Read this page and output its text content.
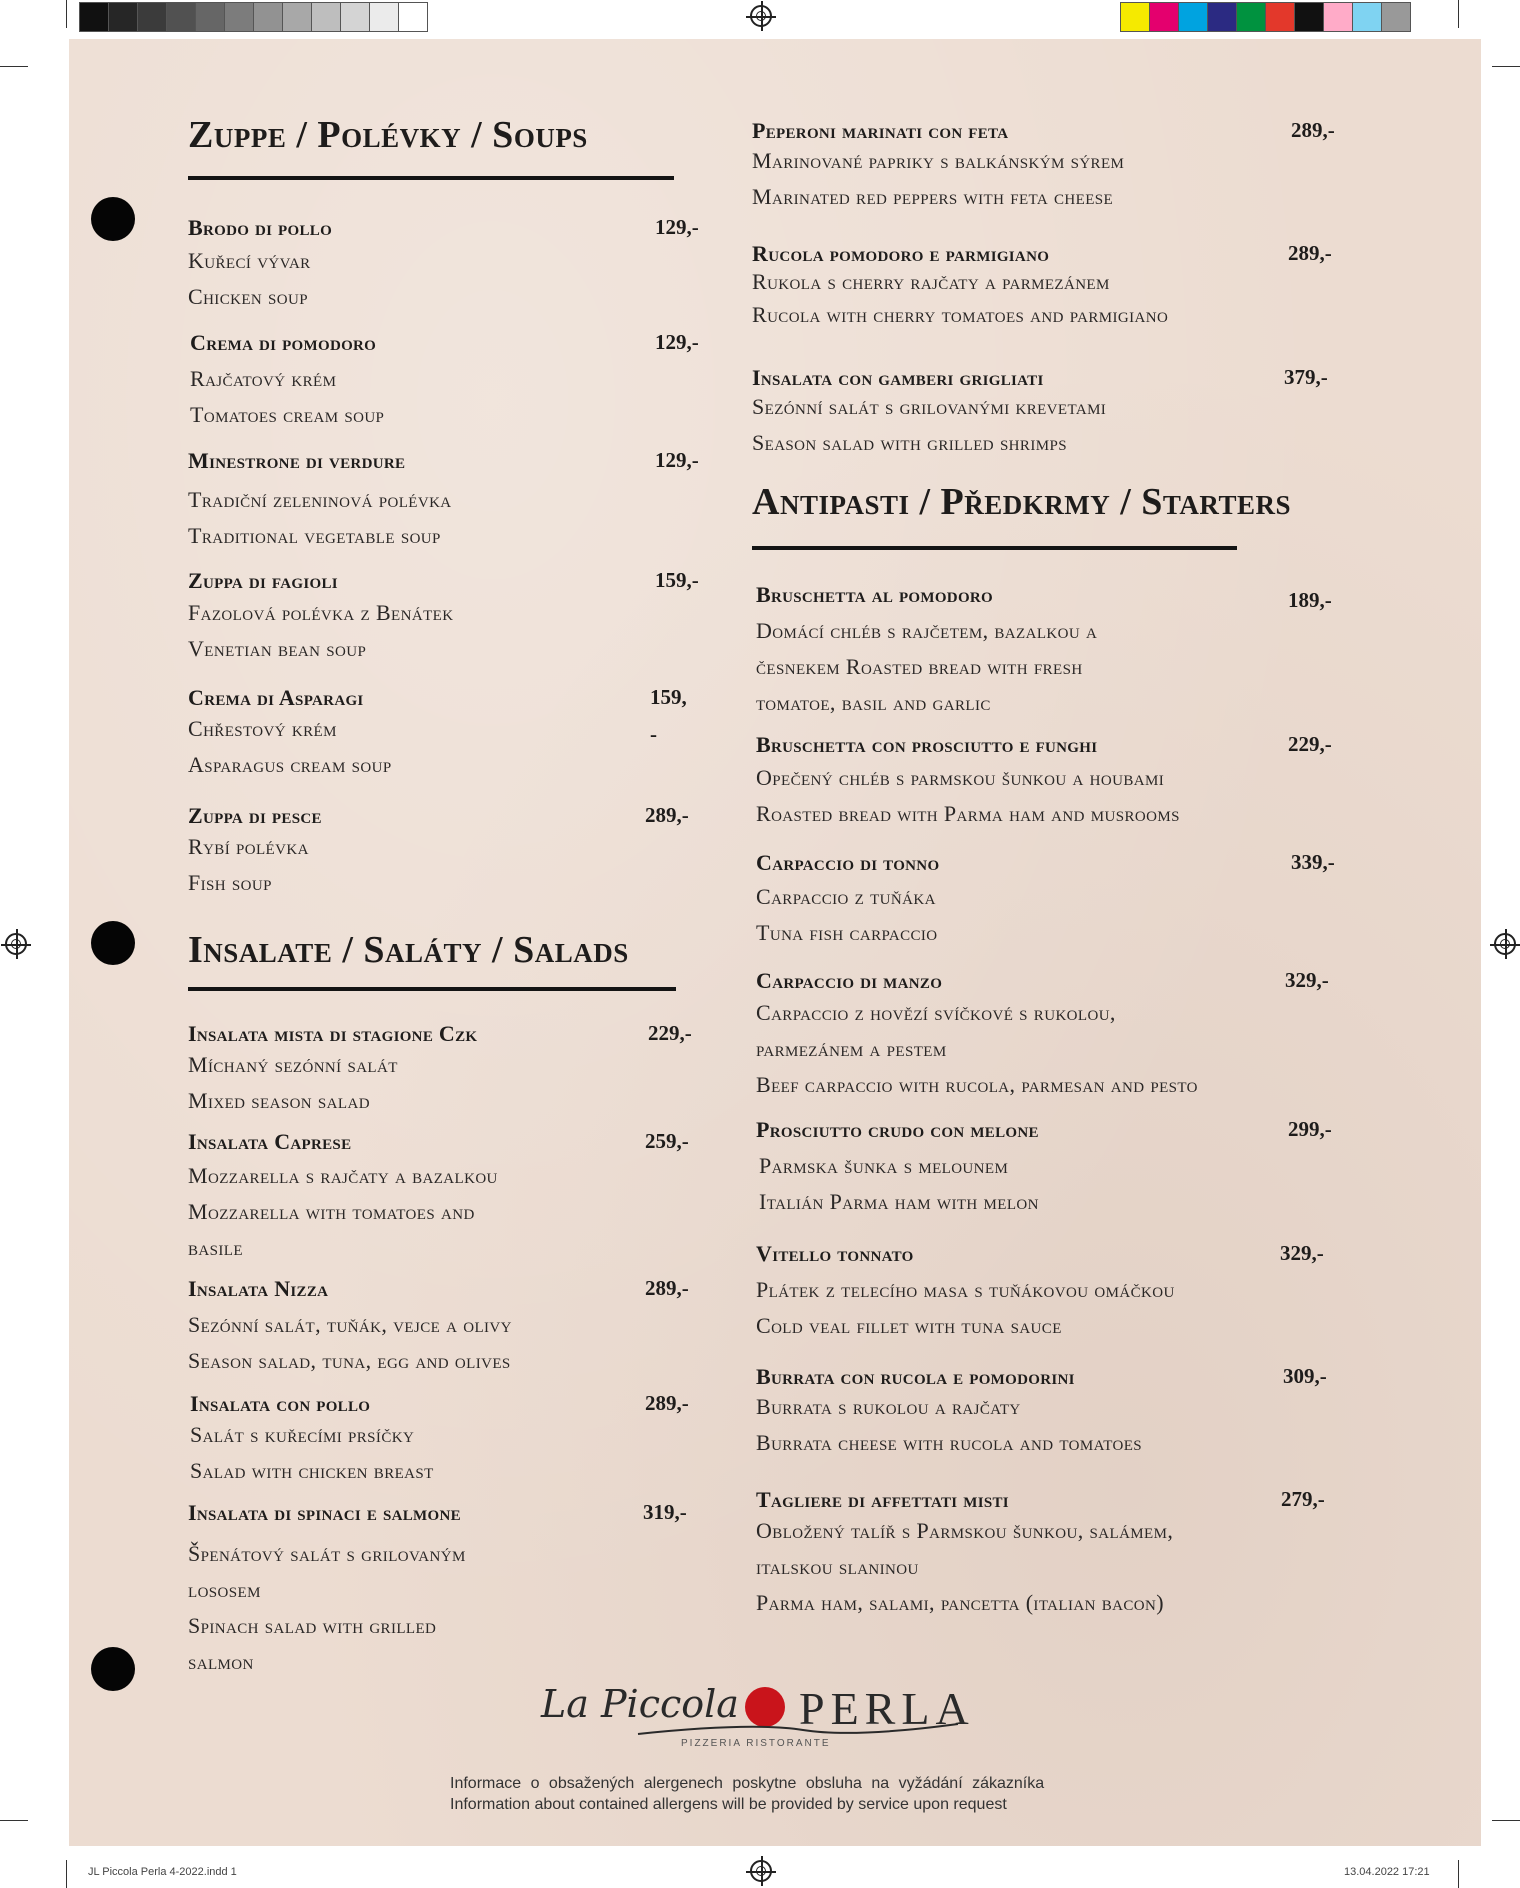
JL Piccola Perla 4-2022.indd 1	13.04.2022 17:21
Zuppe / Polévky / Soups
Brodo di pollo	129,-
Kuřecí vývar
Chicken soup
Crema di pomodoro	129,-
Rajčatový krém
Tomatoes cream soup
Minestrone di verdure	129,-
Tradiční zeleninová polévka
Traditional vegetable soup
Zuppa di fagioli	159,-
Fazolová polévka z Benátek
Venetian bean soup
Crema di Asparagi	159,
-
Chřestový krém
Asparagus cream soup
Zuppa di pesce	289,-
Rybí polévka
Fish soup
Insalate / Saláty / Salads
Insalata mista di stagione Czk	229,-
Míchaný sezónní salát
Mixed season salad
Insalata Caprese	259,-
Mozzarella s rajčaty a bazalkou
Mozzarella with tomatoes and
basile
Insalata Nizza	289,-
Sezónní salát, tuňák, vejce a olivy
Season salad, tuna, egg and olives
Insalata con pollo	289,-
Salát s kuřecími prsíčky
Salad with chicken breast
Insalata di spinaci e salmone	319,-
Špenátový salát s grilovaným
lososem
Spinach salad with grilled
salmon
Peperoni marinati con feta	289,-
Marinované papriky s balkánským sýrem
Marinated red peppers with feta cheese
Rucola pomodoro e parmigiano	289,-
Rukola s cherry rajčaty a parmezánem
Rucola with cherry tomatoes and parmigiano
Insalata con gamberi grigliati	379,-
Sezónní salát s grilovanými krevetami
Season salad with grilled shrimps
Antipasti / Předkrmy / Starters
Bruschetta al pomodoro	189,-
Domácí chléb s rajčetem, bazalkou a
česnekem Roasted bread with fresh
tomatoe, basil and garlic
Bruschetta con prosciutto e funghi	229,-
Opečený chléb s parmskou šunkou a houbami
Roasted bread with Parma ham and musrooms
Carpaccio di tonno	339,-
Carpaccio z tuňáka
Tuna fish carpaccio
Carpaccio di manzo	329,-
Carpaccio z hovězí svíčkové s rukolou,
parmezánem a pestem
Beef carpaccio with rucola, parmesan and pesto
Prosciutto crudo con melone	299,-
Parmska šunka s melounem
Italián Parma ham with melon
Vitello tonnato	329,-
Plátek z telecího masa s tuňákovou omáčkou
Cold veal fillet with tuna sauce
Burrata con rucola e pomodorini	309,-
Burrata s rukolou a rajčaty
Burrata cheese with rucola and tomatoes
Tagliere di affettati misti	279,-
Obložený talíř s Parmskou šunkou, salámem,
italskou slaninou
Parma ham, salami, pancetta (italian bacon)
La Piccola PERLA
PIZZERIA RISTORANTE
Informace o obsažených alergenech poskytne obsluha na vyžádání zákazníka
Information about contained allergens will be provided by service upon request
